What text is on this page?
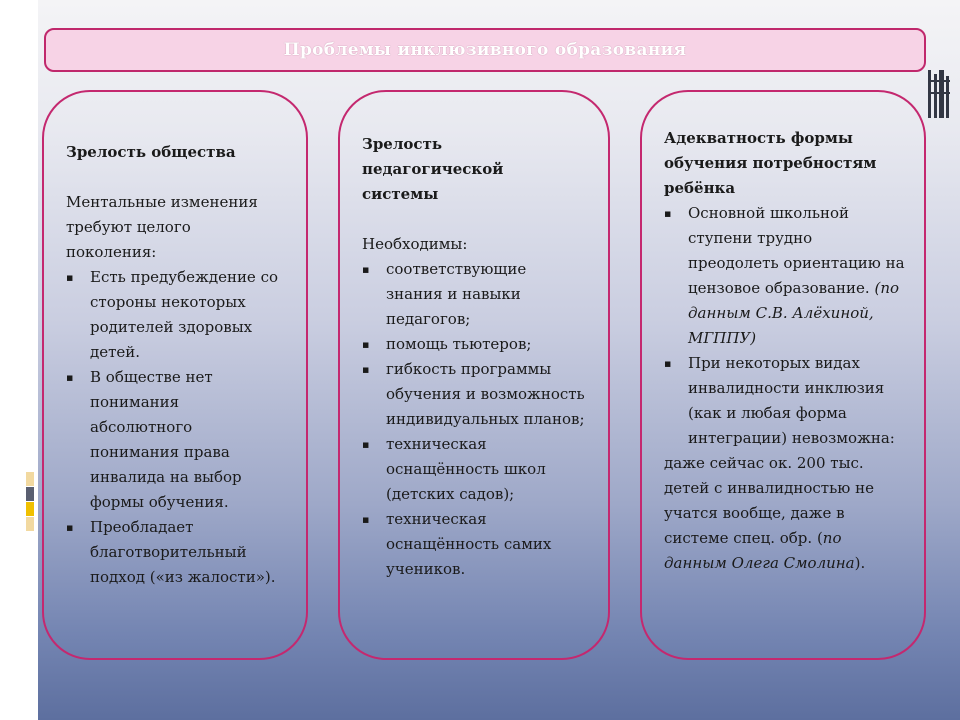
Проблемы инклюзивного образования
Зрелость общества
Ментальные изменения требуют целого поколения:
▪	Есть предубеждение со стороны некоторых родителей здоровых детей.
▪	В обществе нет понимания абсолютного понимания права инвалида на выбор формы обучения.
▪	Преобладает благотворительный подход («из жалости»).
Зрелость педагогической системы
Необходимы:
▪	соответствующие знания и навыки педагогов;
▪	помощь тьютеров;
▪	гибкость программы обучения и возможность индивидуальных планов;
▪	техническая оснащённость школ (детских садов);
▪	техническая оснащённость самих учеников.
Адекватность формы обучения потребностям ребёнка
▪	Основной школьной ступени трудно преодолеть ориентацию на цензовое образование. (по данным С.В. Алёхиной, МГППУ)
▪	При некоторых видах инвалидности инклюзия (как и любая форма интеграции) невозможна:
даже сейчас ок. 200 тыс. детей с инвалидностью не учатся вообще, даже в системе спец. обр. (по данным Олега Смолина).
